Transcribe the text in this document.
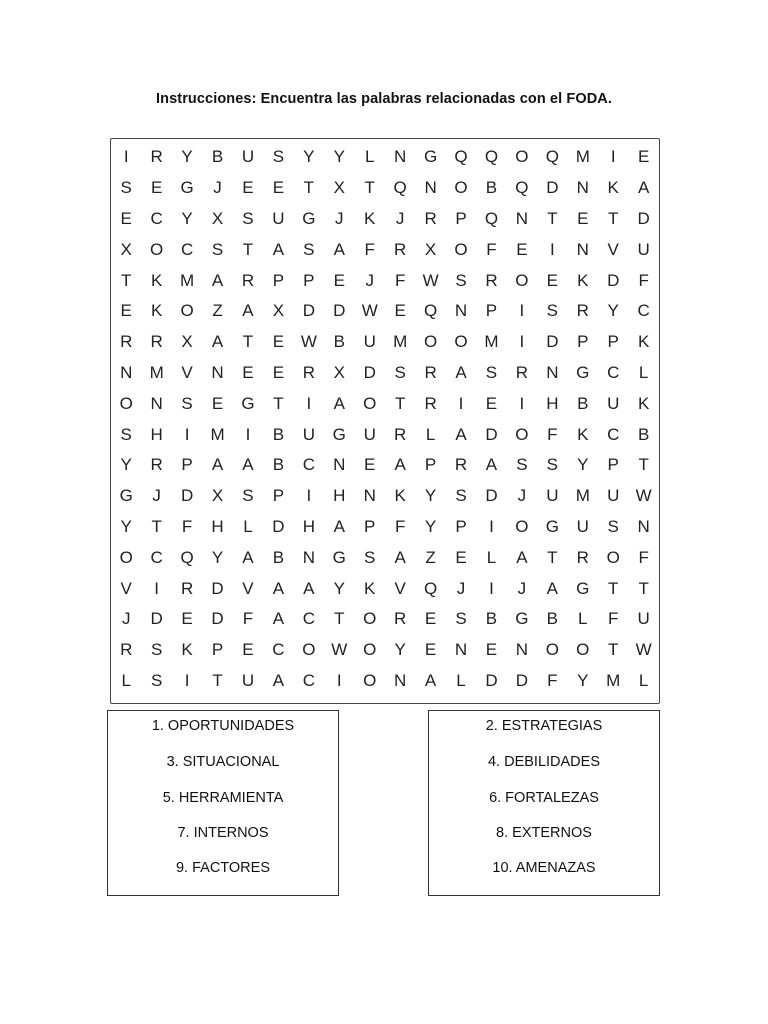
Instrucciones: Encuentra las palabras relacionadas con el FODA.
I	R	Y	B	U	S	Y	Y	L	N	G	Q	Q	O	Q M	I	E
S	E	G	J	E	E	T	X	T	Q	N	O	B	Q	D	N	K	A
E	C	Y	X	S	U	G	J	K	J	R	P	Q	N	T	E	T	D
X	O	C	S	T	A	S	A	F	R	X	O	F	E	I	N	V	U
T	K	M	A	R	P	P	E	J	F	W S	R	O	E	K	D	F
E	K	O	Z	A	X	D	D W E	Q	N	P	I	S	R	Y	C
R	R	X	A	T	E W B	U	M O	O M	I	D	P	P	K
N	M	V	N	E	E	R	X	D	S	R	A	S	R	N	G	C	L
O	N	S	E	G	T	I	A	O	T	R	I	E	I	H	B	U	K
S	H	I	M	I	B	U	G	U	R	L	A	D	O	F	K	C	B
Y	R	P	A	A	B	C	N	E	A	P	R	A	S	S	Y	P	T
G	J	D	X	S	P	I	H	N	K	Y	S	D	J	U	M	U W
Y	T	F	H	L	D	H	A	P	F	Y	P	I	O	G	U	S	N
O	C	Q	Y	A	B	N	G	S	A	Z	E	L	A	T	R	O	F
V	I	R	D	V	A	A	Y	K	V	Q	J	I	J	A	G	T	T
J	D	E	D	F	A	C	T	O	R	E	S	B	G	B	L	F	U
R	S	K	P	E	C	O W O	Y	E	N	E	N	O	O	T	W
L	S	I	T	U	A	C	I	O	N	A	L	D	D	F	Y	M	L
1. OPORTUNIDADES
3. SITUACIONAL
5. HERRAMIENTA
7. INTERNOS
9. FACTORES
2. ESTRATEGIAS
4. DEBILIDADES
6. FORTALEZAS
8. EXTERNOS
10. AMENAZAS
